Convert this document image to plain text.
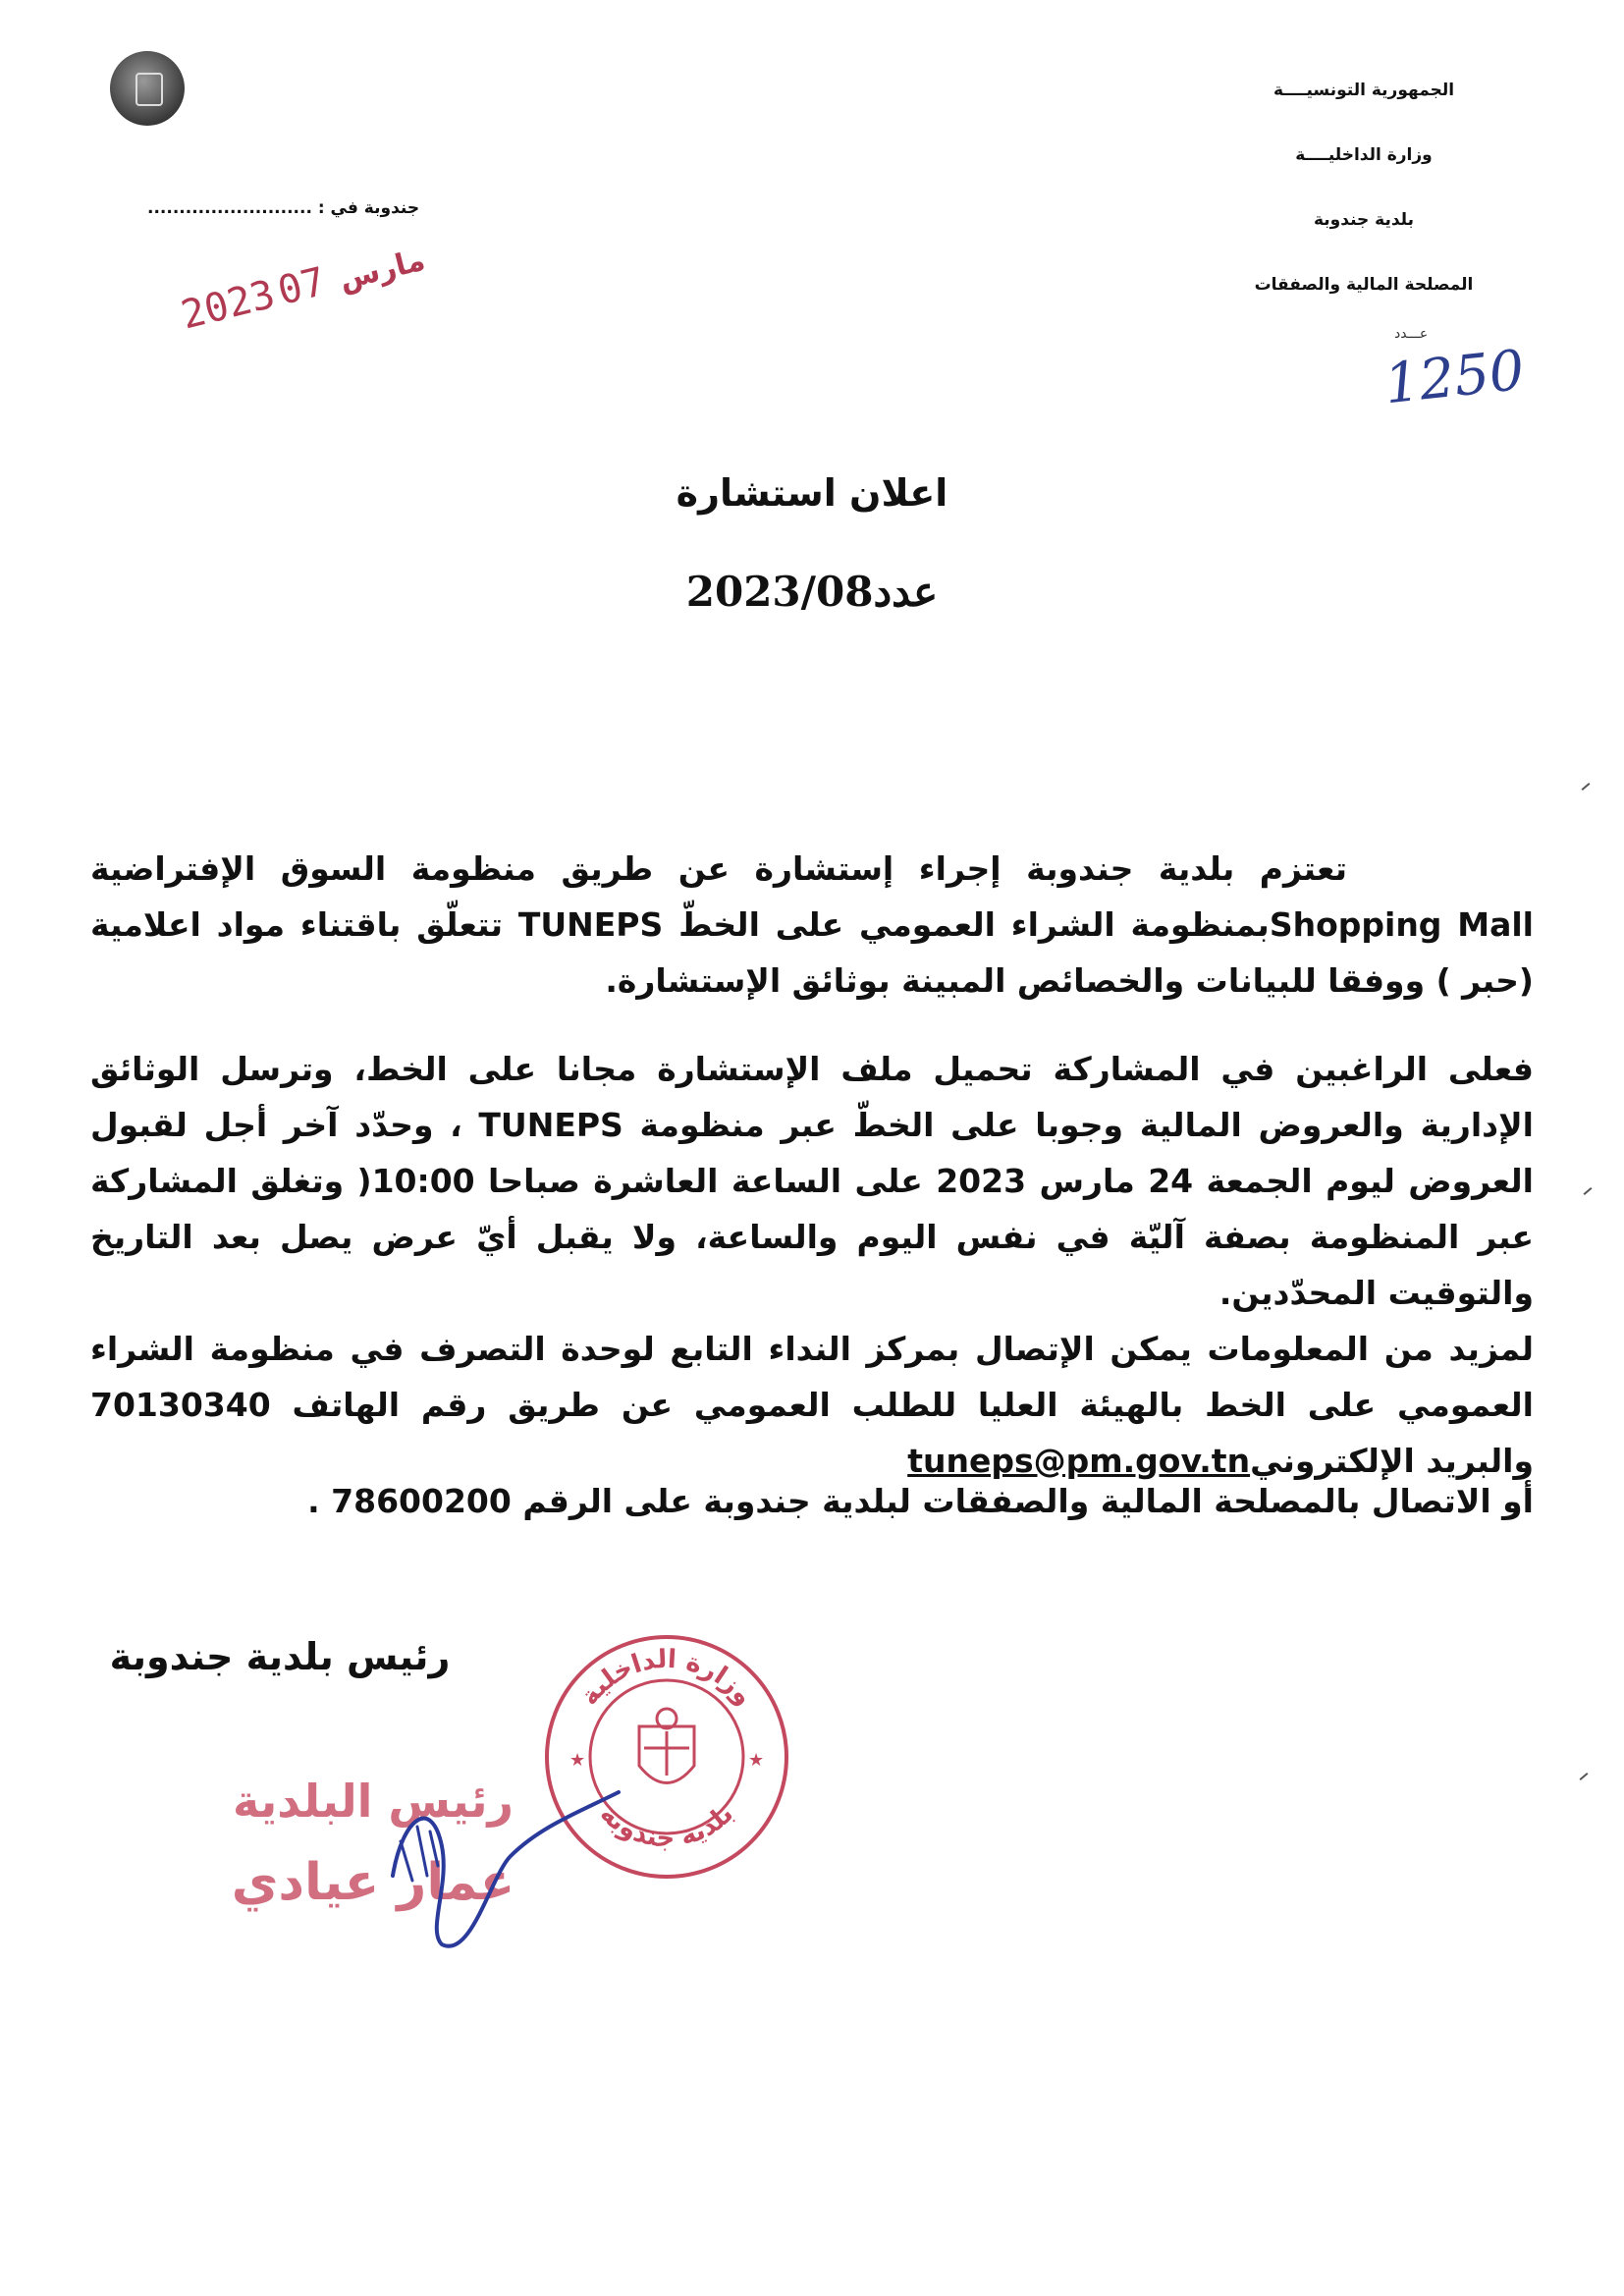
الجمهورية التونسيــــة
وزارة الداخليــــة
بلدية جندوبة
المصلحة المالية والصفقات
عـــدد
1250
جندوبة في : ..........................
2023 مارس 07
اعلان استشارة
عدد2023/08
تعتزم بلدية جندوبة إجراء إستشارة عن طريق منظومة السوق الإفتراضية Shopping Mallبمنظومة الشراء العمومي على الخطّ TUNEPS تتعلّق باقتناء مواد اعلامية (حبر ) ووفقا للبيانات والخصائص المبينة بوثائق الإستشارة.
فعلى الراغبين في المشاركة تحميل ملف الإستشارة مجانا على الخط، وترسل الوثائق الإدارية والعروض المالية وجوبا على الخطّ عبر منظومة TUNEPS ، وحدّد آخر أجل لقبول العروض ليوم الجمعة 24 مارس 2023 على الساعة العاشرة صباحا 10:00( وتغلق المشاركة عبر المنظومة بصفة آليّة في نفس اليوم والساعة، ولا يقبل أيّ عرض يصل بعد التاريخ والتوقيت المحدّدين.
لمزيد من المعلومات يمكن الإتصال بمركز النداء التابع لوحدة التصرف في منظومة الشراء العمومي على الخط بالهيئة العليا للطلب العمومي عن طريق رقم الهاتف 70130340 والبريد الإلكترونيtuneps@pm.gov.tn
أو الاتصال بالمصلحة المالية والصفقات لبلدية جندوبة على الرقم 78600200 .
رئيس بلدية جندوبة
رئيس البلدية
عمار عيادي
وزارة الداخلية
بلدية جندوبة
★	★
